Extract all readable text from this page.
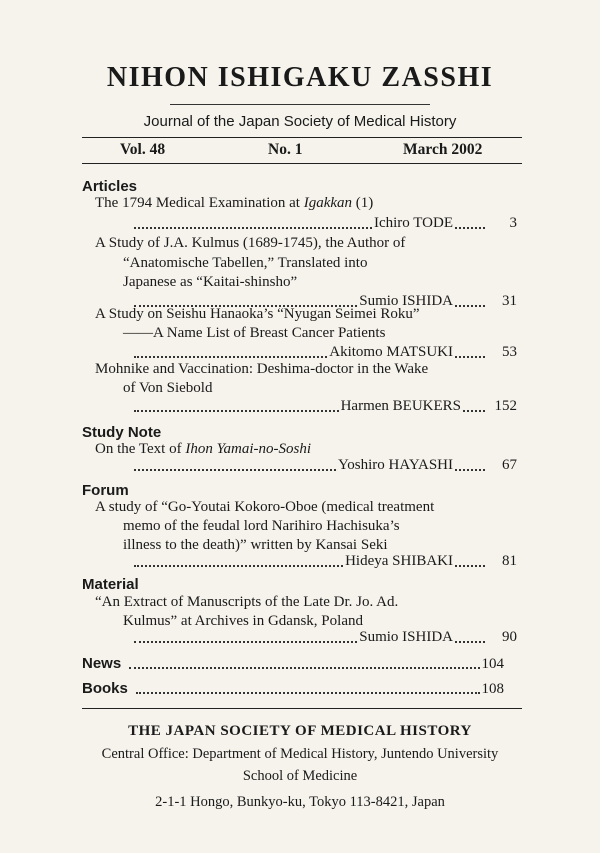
NIHON ISHIGAKU ZASSHI
Journal of the Japan Society of Medical History
Vol. 48	No. 1	March 2002
Articles
The 1794 Medical Examination at Igakkan (1)
Ichiro TODE	3
A Study of J.A. Kulmus (1689-1745), the Author of
“Anatomische Tabellen,” Translated into
Japanese as “Kaitai-shinsho”
Sumio ISHIDA	31
A Study on Seishu Hanaoka’s “Nyugan Seimei Roku”
——A Name List of Breast Cancer Patients
Akitomo MATSUKI	53
Mohnike and Vaccination: Deshima-doctor in the Wake
of Von Siebold
Harmen BEUKERS	152
Study Note
On the Text of Ihon Yamai-no-Soshi
Yoshiro HAYASHI	67
Forum
A study of “Go-Youtai Kokoro-Oboe (medical treatment
memo of the feudal lord Narihiro Hachisuka’s
illness to the death)” written by Kansai Seki
Hideya SHIBAKI	81
Material
“An Extract of Manuscripts of the Late Dr. Jo. Ad.
Kulmus” at Archives in Gdansk, Poland
Sumio ISHIDA	90
News	104
Books	108
THE JAPAN SOCIETY OF MEDICAL HISTORY
Central Office: Department of Medical History, Juntendo University
School of Medicine
2-1-1 Hongo, Bunkyo-ku, Tokyo 113-8421, Japan
